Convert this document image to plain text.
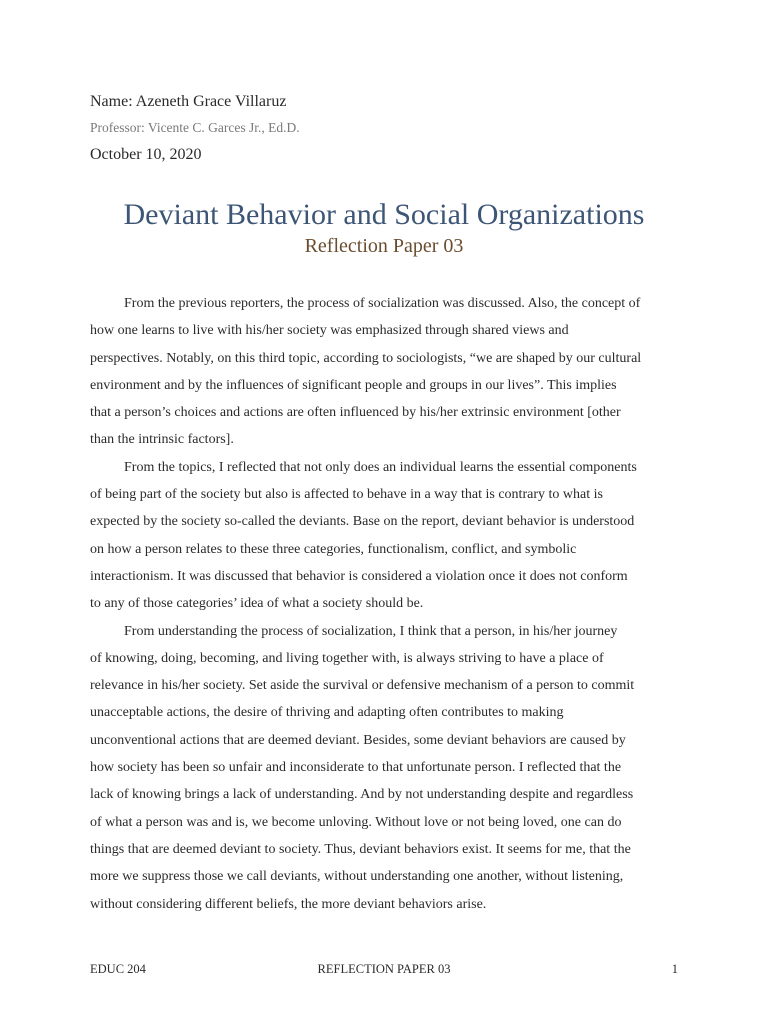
Name: Azeneth Grace Villaruz
Professor: Vicente C. Garces Jr., Ed.D.
October 10, 2020
Deviant Behavior and Social Organizations
Reflection Paper 03
From the previous reporters, the process of socialization was discussed. Also, the concept of
how one learns to live with his/her society was emphasized through shared views and
perspectives. Notably, on this third topic, according to sociologists, “we are shaped by our cultural
environment and by the influences of significant people and groups in our lives”. This implies
that a person’s choices and actions are often influenced by his/her extrinsic environment [other
than the intrinsic factors].
From the topics, I reflected that not only does an individual learns the essential components
of being part of the society but also is affected to behave in a way that is contrary to what is
expected by the society so-called the deviants. Base on the report, deviant behavior is understood
on how a person relates to these three categories, functionalism, conflict, and symbolic
interactionism. It was discussed that behavior is considered a violation once it does not conform
to any of those categories’ idea of what a society should be.
From understanding the process of socialization, I think that a person, in his/her journey
of knowing, doing, becoming, and living together with, is always striving to have a place of
relevance in his/her society. Set aside the survival or defensive mechanism of a person to commit
unacceptable actions, the desire of thriving and adapting often contributes to making
unconventional actions that are deemed deviant. Besides, some deviant behaviors are caused by
how society has been so unfair and inconsiderate to that unfortunate person. I reflected that the
lack of knowing brings a lack of understanding. And by not understanding despite and regardless
of what a person was and is, we become unloving. Without love or not being loved, one can do
things that are deemed deviant to society. Thus, deviant behaviors exist. It seems for me, that the
more we suppress those we call deviants, without understanding one another, without listening,
without considering different beliefs, the more deviant behaviors arise.
EDUC 204	REFLECTION PAPER 03	1
